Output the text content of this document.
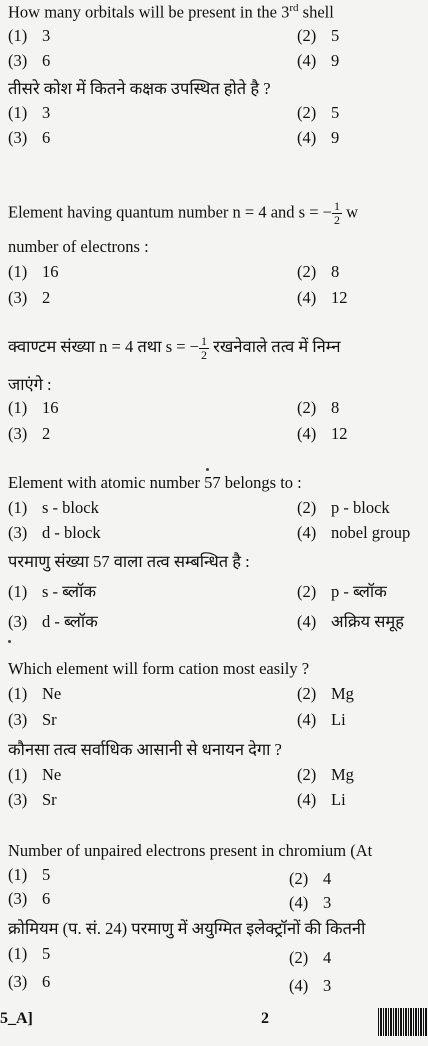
How many orbitals will be present in the 3rd shell
(1) 3	(2) 5
(3) 6	(4) 9
तीसरे कोश में कितने कक्षक उपस्थित होते है ?
(1) 3	(2) 5
(3) 6	(4) 9
Element having quantum number n = 4 and s = − $\frac{1}{2}$ w
number of electrons :
(1) 16	(2) 8
(3) 2	(4) 12
क्वाण्टम संख्या n = 4 तथा s = − $\frac{1}{2}$ रखनेवाले तत्व में निम्न
जाएंगे :
(1) 16	(2) 8
(3) 2	(4) 12
Element with atomic number 57 belongs to :
(1) s - block	(2) p - block
(3) d - block	(4) nobel group
परमाणु संख्या 57 वाला तत्व सम्बन्धित है :
(1) s - ब्लॉक	(2) p - ब्लॉक
(3) d - ब्लॉक	(4) अक्रिय समूह
Which element will form cation most easily ?
(1) Ne	(2) Mg
(3) Sr	(4) Li
कौनसा तत्व सर्वाधिक आसानी से धनायन देगा ?
(1) Ne	(2) Mg
(3) Sr	(4) Li
Number of unpaired electrons present in chromium (At
(1) 5	(2) 4
(3) 6	(4) 3
क्रोमियम (प. सं. 24) परमाणु में अयुग्मित इलेक्ट्रॉनों की कितनी
(1) 5	(2) 4
(3) 6	(4) 3
5_A]	2
